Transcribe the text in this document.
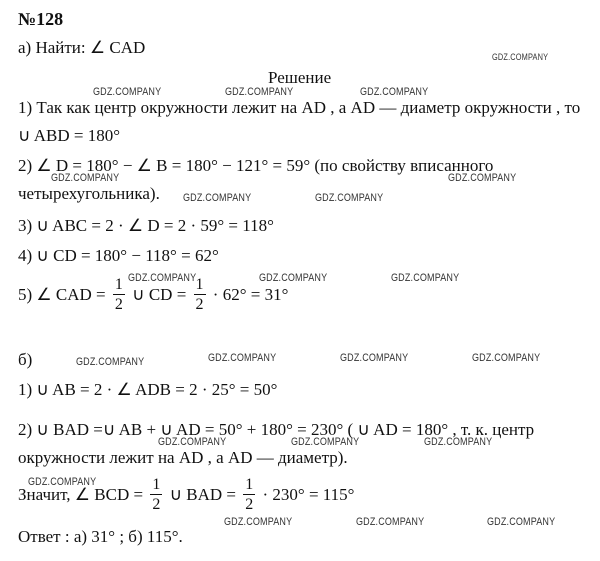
№128
а) Найти: ∠ CAD
Решение
1) Так как центр окружности лежит на AD , а AD — диаметр окружности , то
∪ ABD = 180°
2) ∠ D = 180° − ∠ B = 180° − 121° = 59° (по свойству вписанного
четырехугольника).
3) ∪ ABC = 2 · ∠ D = 2 · 59° = 118°
4) ∪ CD = 180° − 118° = 62°
5) ∠ CAD = $\frac{1}{2}$ ∪ CD = $\frac{1}{2} \cdot 62^\circ = 31^\circ$
б)
1) ∪ AB = 2 · ∠ ADB = 2 · 25° = 50°
2) ∪ BAD =∪ AB + ∪ AD = 50° + 180° = 230° ( ∪ AD = 180° , т. к. центр
окружности лежит на AD , а AD — диаметр).
Значит, ∠ BCD = $\frac{1}{2}$ ∪ BAD = $\frac{1}{2} \cdot 230^\circ = 115^\circ$
Ответ : а) 31° ; б) 115°.
GDZ.COMPANY
GDZ.COMPANY	GDZ.COMPANY	GDZ.COMPANY
GDZ.COMPANY	GDZ.COMPANY
GDZ.COMPANY	GDZ.COMPANY
GDZ.COMPANY	GDZ.COMPANY	GDZ.COMPANY
GDZ.COMPANY	GDZ.COMPANY	GDZ.COMPANY	GDZ.COMPANY
GDZ.COMPANY	GDZ.COMPANY	GDZ.COMPANY
GDZ.COMPANY
GDZ.COMPANY	GDZ.COMPANY	GDZ.COMPANY
